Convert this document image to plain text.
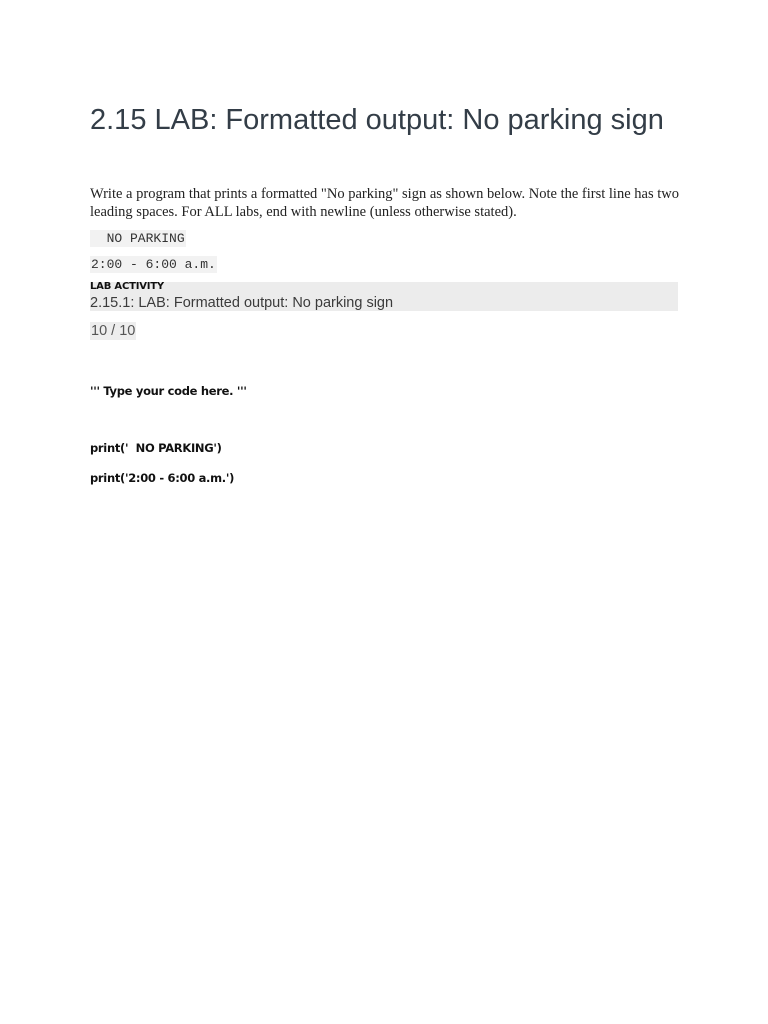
2.15 LAB: Formatted output: No parking sign

Write a program that prints a formatted "No parking" sign as shown below. Note the first line has two leading spaces. For ALL labs, end with newline (unless otherwise stated).

NO PARKING
2:00 - 6:00 a.m.
LAB ACTIVITY
2.15.1: LAB: Formatted output: No parking sign
10 / 10
''' Type your code here. '''
print('  NO PARKING')
print('2:00 - 6:00 a.m.')
